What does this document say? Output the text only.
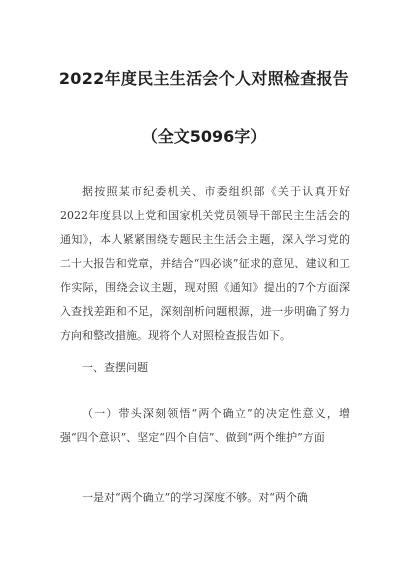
2022年度民主生活会个人对照检查报告
（全文5096字）
据按照某市纪委机关、市委组织部《关于认真开好2022年度县以上党和国家机关党员领导干部民主生活会的通知》，本人紧紧围绕专题民主生活会主题，深入学习党的二十大报告和党章，并结合“四必谈”征求的意见、建议和工作实际，围绕会议主题，现对照《通知》提出的7个方面深入查找差距和不足，深刻剖析问题根源，进一步明确了努力方向和整改措施。现将个人对照检查报告如下。
一、查摆问题
（一）带头深刻领悟“两个确立”的决定性意义，增强“四个意识”、坚定“四个自信”、做到“两个维护”方面
一是对“两个确立”的学习深度不够。对“两个确
